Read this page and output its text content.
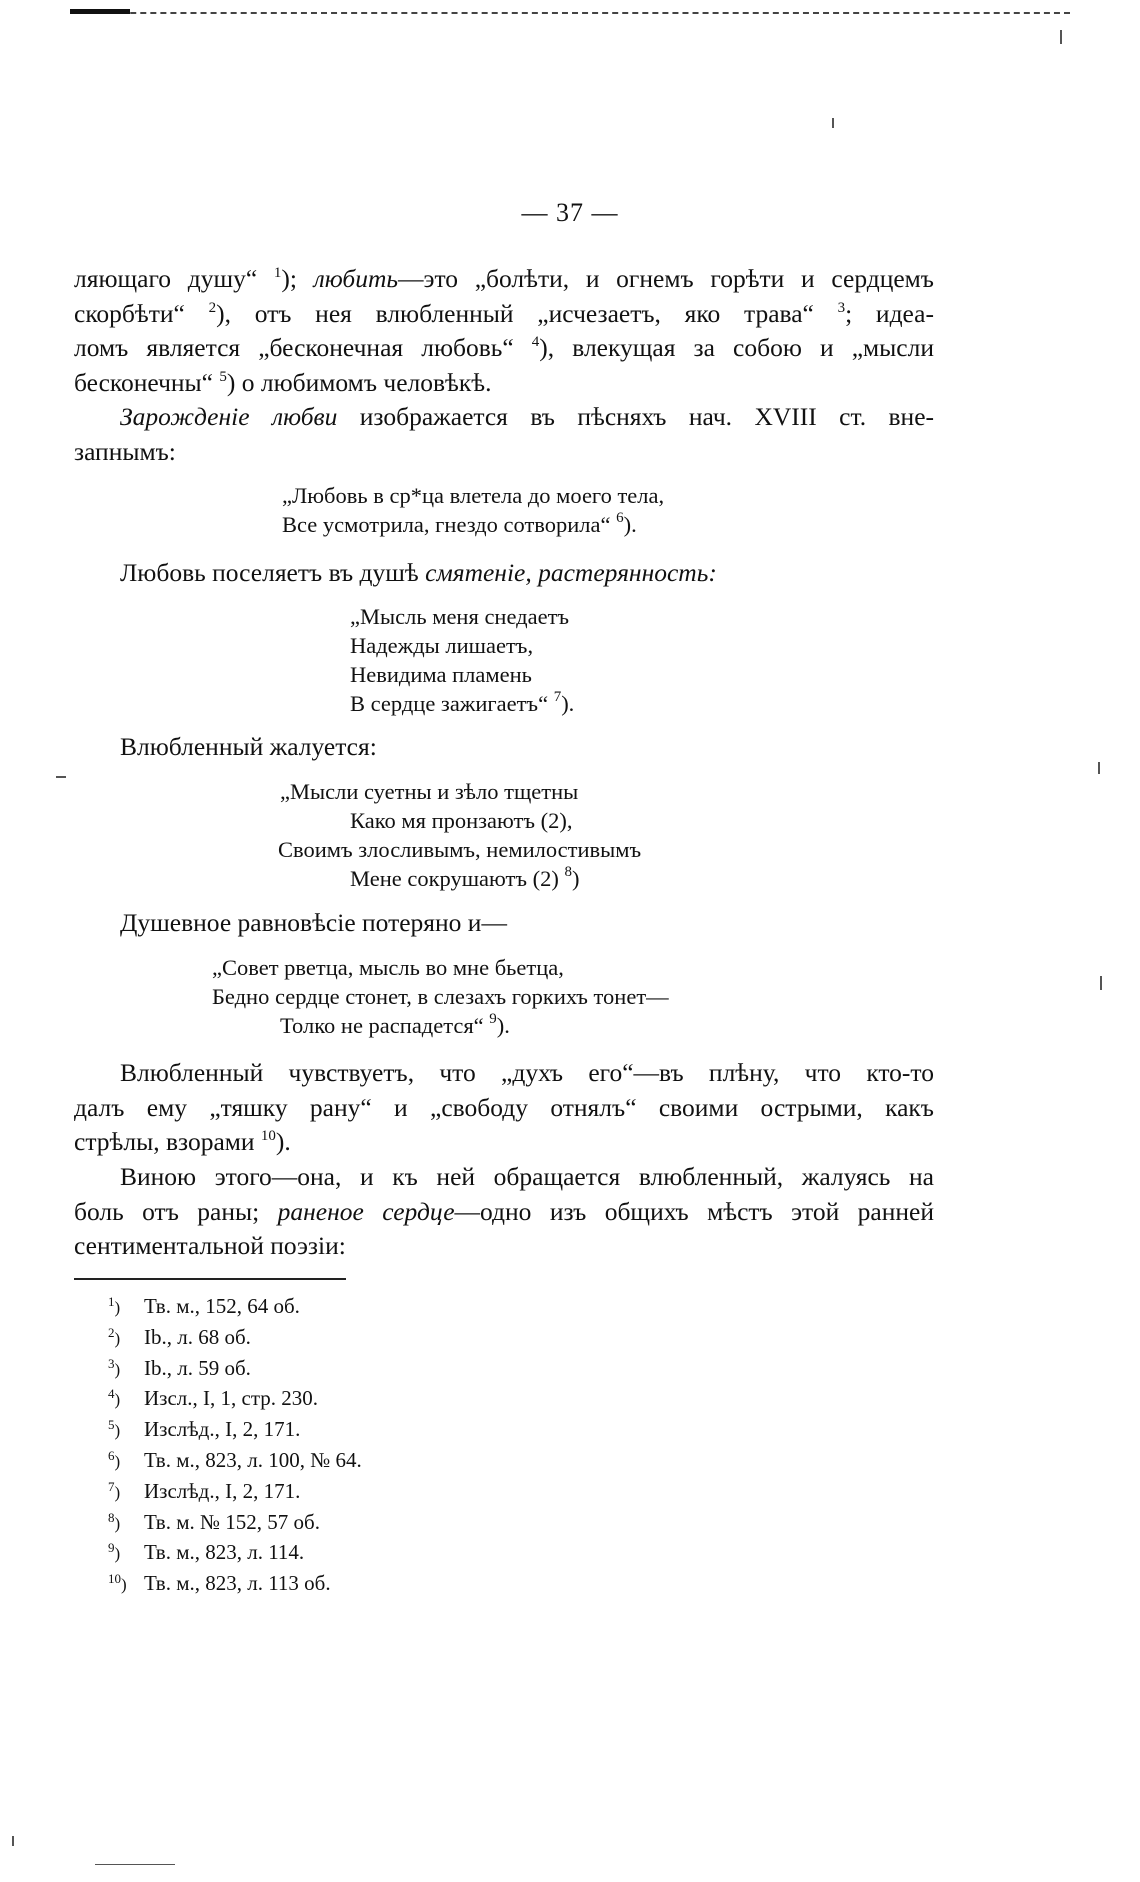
— 37 —

ляющаго душу“ $^1$); любить—это „болѣти, и огнемъ горѣти и сердцемъ
скорбѣти“ $^2$), отъ нея влюбленный „исчезаетъ, яко трава“ $^3$; идеа-
ломъ является „бесконечная любовь“ $^4$), влекущая за собою и „мысли
бесконечны“ $^5$) о любимомъ человѣкѣ.

Зарожденіе любви изображается въ пѣсняхъ нач. XVIII ст. вне-
запнымъ:

„Любовь в ср*ца влетела до моего тела,
Все усмотрила, гнездо сотворила“ $^6$).

Любовь поселяетъ въ душѣ смятеніе, растерянность:

„Мысль меня снедаетъ
Надежды лишаетъ,
Невидима пламень
В сердце зажигаетъ“ $^7$).

Влюбленный жалуется:

„Мысли суетны и зѣло тщетны
Како мя пронзаютъ (2),
Своимъ злосливымъ, немилостивымъ
Мене сокрушаютъ (2) $^8$)

Душевное равновѣсіе потеряно и—

„Совет рветца, мысль во мне бьетца,
Бедно сердце стонет, в слезахъ горкихъ тонет—
Толко не распадется“ $^9$).

Влюбленный чувствуетъ, что „духъ его“—въ плѣну, что кто-то
далъ ему „тяшку рану“ и „свободу отнялъ“ своими острыми, какъ
стрѣлы, взорами $^{10}$).

Виною этого—она, и къ ней обращается влюбленный, жалуясь на
боль отъ раны; раненое сердце—одно изъ общихъ мѣстъ этой ранней
сентиментальной поэзіи:

$^1$) Тв. м., 152, 64 об.
$^2$) Ib., л. 68 об.
$^3$) Ib., л. 59 об.
$^4$) Изсл., I, 1, стр. 230.
$^5$) Изслѣд., I, 2, 171.
$^6$) Тв. м., 823, л. 100, № 64.
$^7$) Изслѣд., I, 2, 171.
$^8$) Тв. м. № 152, 57 об.
$^9$) Тв. м., 823, л. 114.
$^{10}$) Тв. м., 823, л. 113 об.
